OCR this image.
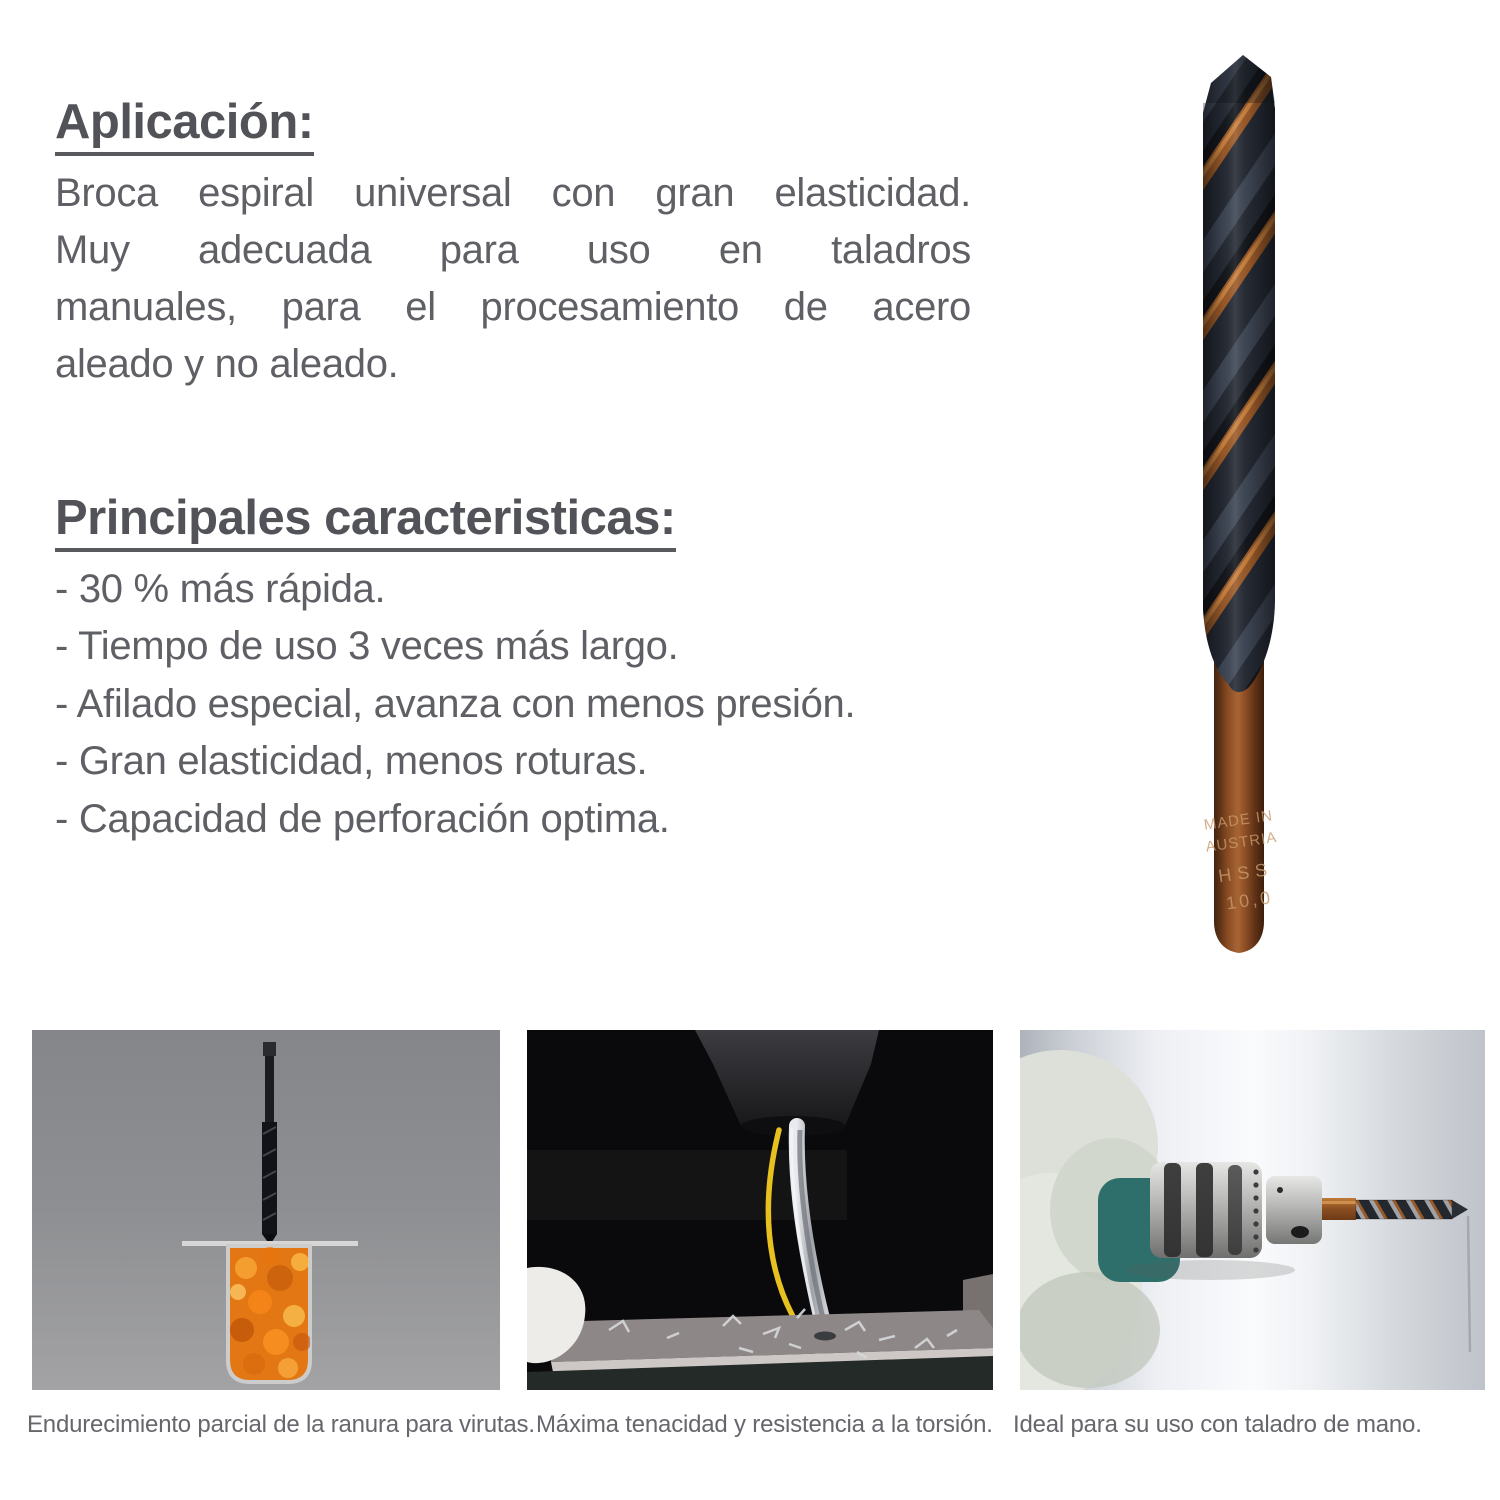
Aplicación:
Broca espiral universal con gran elasticidad.
Muy adecuada para uso en taladros
manuales, para el procesamiento de acero
aleado y no aleado.
Principales caracteristicas:
- 30 % más rápida.
- Tiempo de uso 3 veces más largo.
- Afilado especial, avanza con menos presión.
- Gran elasticidad, menos roturas.
- Capacidad de perforación optima.	MADE IN
AUSTRIA
HSS
10,0
Endurecimiento parcial de la ranura para virutas. Máxima tenacidad y resistencia a la torsión. Ideal para su uso con taladro de mano.
